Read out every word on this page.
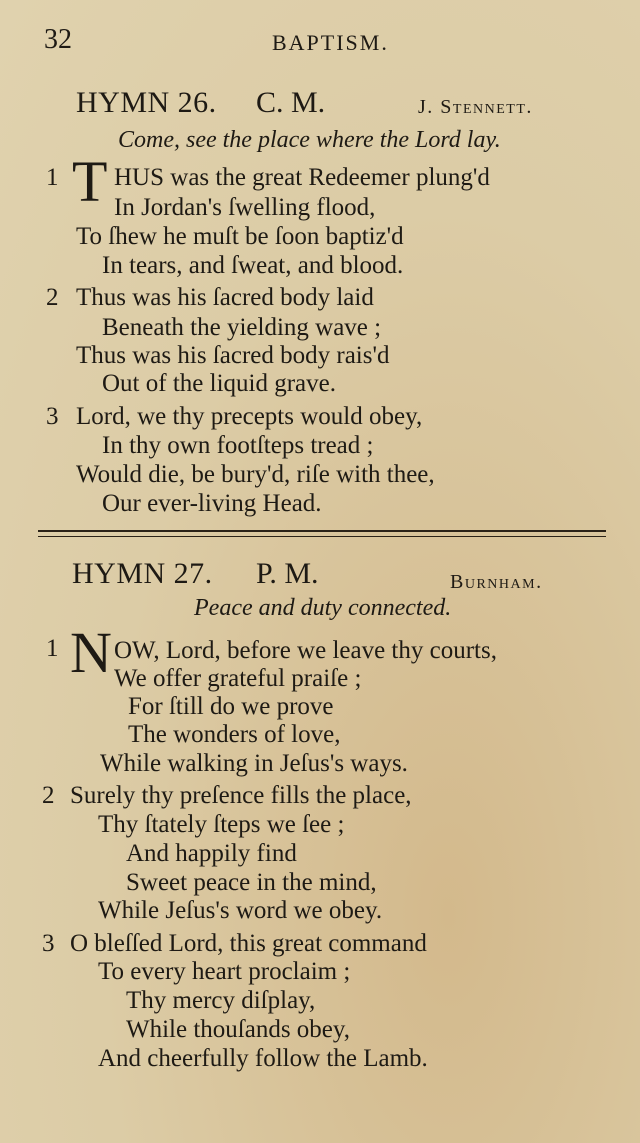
32	BAPTISM.
HYMN 26. C. M.	J. Stennett.
Come, see the place where the Lord lay.
1 T HUS was the great Redeemer plung'd
In Jordan's ſwelling flood,
To ſhew he muſt be ſoon baptiz'd
In tears, and ſweat, and blood.
2 Thus was his ſacred body laid
Beneath the yielding wave ;
Thus was his ſacred body rais'd
Out of the liquid grave.
3 Lord, we thy precepts would obey,
In thy own footſteps tread ;
Would die, be bury'd, riſe with thee,
Our ever-living Head.
HYMN 27. P. M.	Burnham.
Peace and duty connected.
1 N OW, Lord, before we leave thy courts,
We offer grateful praiſe ;
For ſtill do we prove
The wonders of love,
While walking in Jeſus's ways.
2 Surely thy preſence fills the place,
Thy ſtately ſteps we ſee ;
And happily find
Sweet peace in the mind,
While Jeſus's word we obey.
3 O bleſſed Lord, this great command
To every heart proclaim ;
Thy mercy diſplay,
While thouſands obey,
And cheerfully follow the Lamb.
